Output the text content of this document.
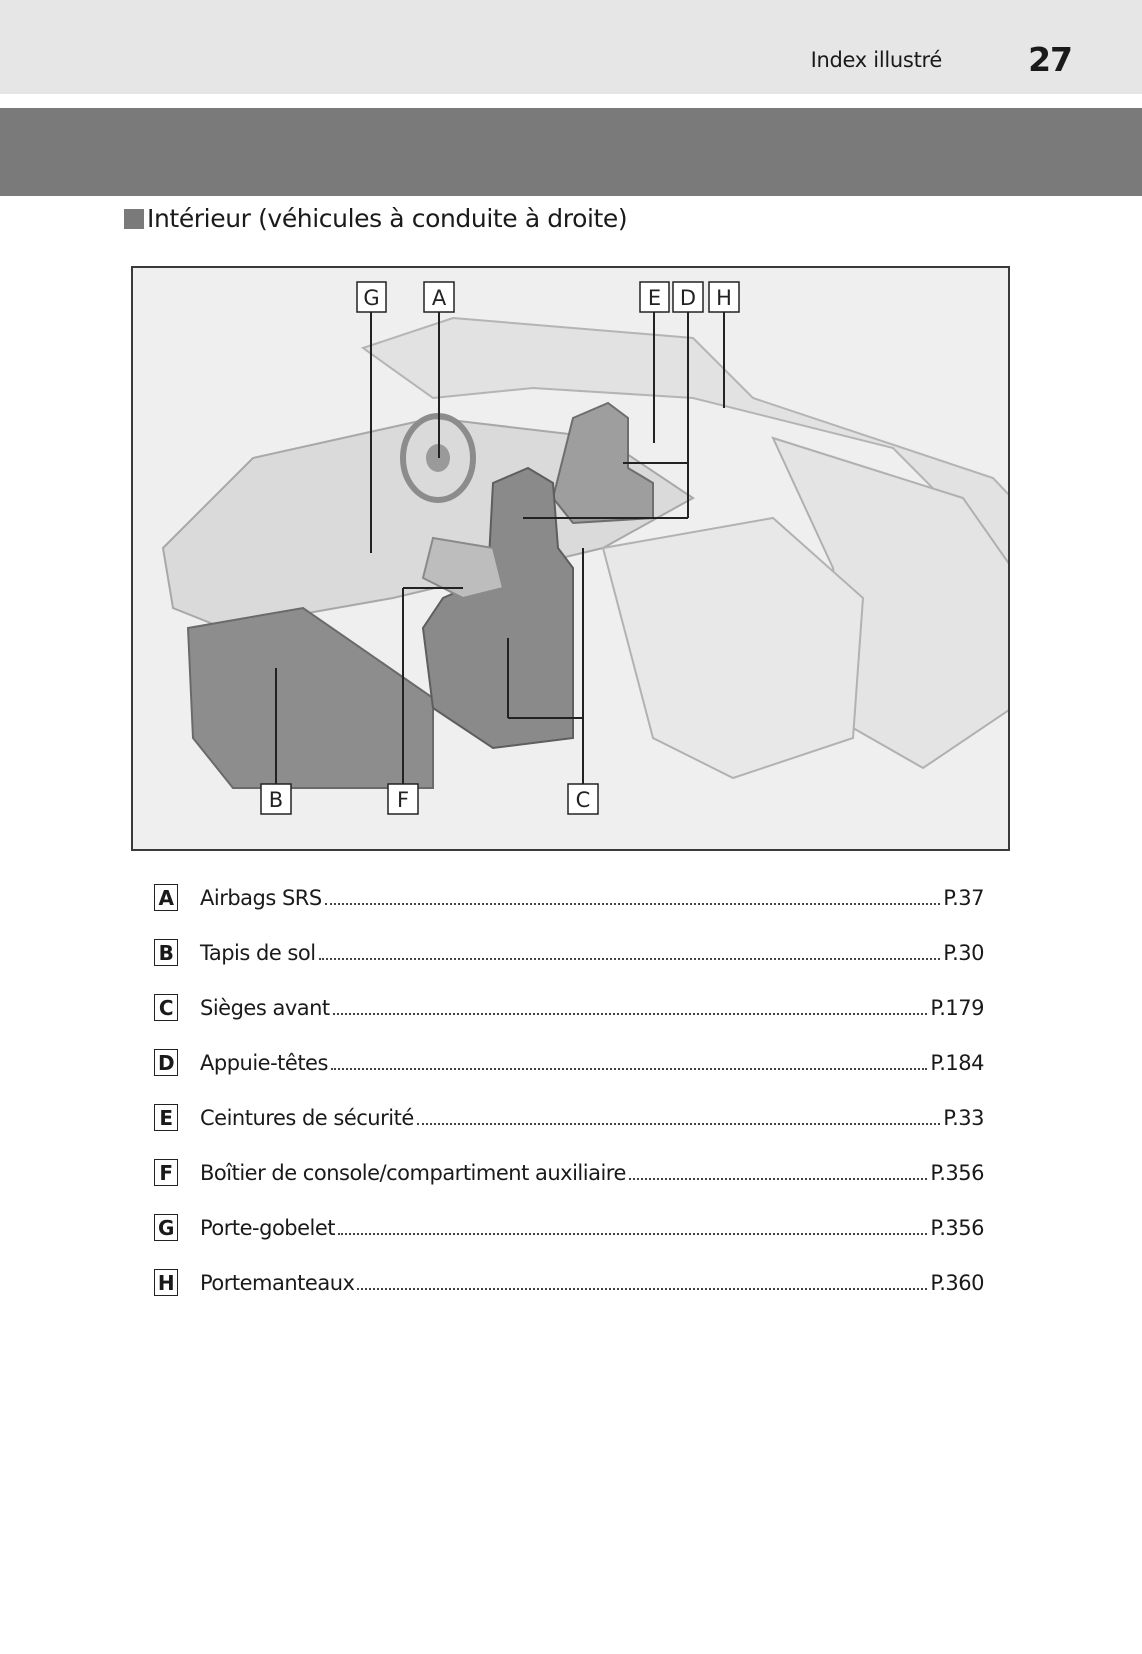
Index illustré	27
Intérieur (véhicules à conduite à droite)
G A	E D H
B	F	C
A Airbags SRS	P.37
B Tapis de sol	P.30
C Sièges avant	P.179
D Appuie-têtes	P.184
E Ceintures de sécurité	P.33
F Boîtier de console/compartiment auxiliaire	P.356
G Porte-gobelet	P.356
H Portemanteaux	P.360
